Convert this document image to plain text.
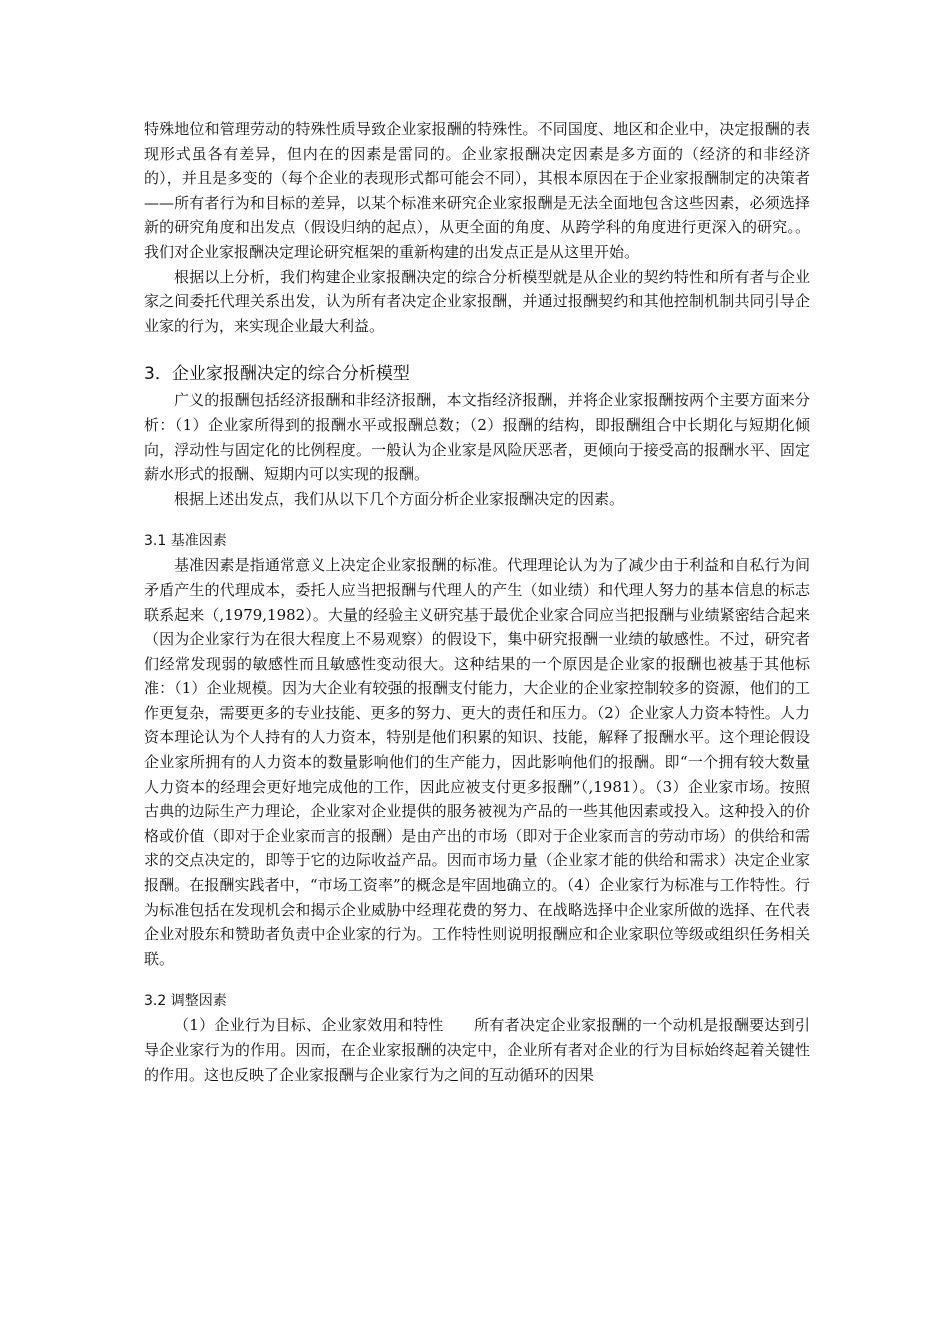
特殊地位和管理劳动的特殊性质导致企业家报酬的特殊性。不同国度、地区和企业中，决定报酬的表现形式虽各有差异，但内在的因素是雷同的。企业家报酬决定因素是多方面的（经济的和非经济的），并且是多变的（每个企业的表现形式都可能会不同），其根本原因在于企业家报酬制定的决策者——所有者行为和目标的差异，以某个标准来研究企业家报酬是无法全面地包含这些因素，必须选择新的研究角度和出发点（假设归纳的起点），从更全面的角度、从跨学科的角度进行更深入的研究。。我们对企业家报酬决定理论研究框架的重新构建的出发点正是从这里开始。

根据以上分析，我们构建企业家报酬决定的综合分析模型就是从企业的契约特性和所有者与企业家之间委托代理关系出发，认为所有者决定企业家报酬，并通过报酬契约和其他控制机制共同引导企业家的行为，来实现企业最大利益。

3．企业家报酬决定的综合分析模型

广义的报酬包括经济报酬和非经济报酬，本文指经济报酬，并将企业家报酬按两个主要方面来分析：（1）企业家所得到的报酬水平或报酬总数；（2）报酬的结构，即报酬组合中长期化与短期化倾向，浮动性与固定化的比例程度。一般认为企业家是风险厌恶者，更倾向于接受高的报酬水平、固定薪水形式的报酬、短期内可以实现的报酬。

根据上述出发点，我们从以下几个方面分析企业家报酬决定的因素。

3.1 基准因素

基准因素是指通常意义上决定企业家报酬的标准。代理理论认为为了减少由于利益和自私行为间矛盾产生的代理成本，委托人应当把报酬与代理人的产生（如业绩）和代理人努力的基本信息的标志联系起来（,1979,1982）。大量的经验主义研究基于最优企业家合同应当把报酬与业绩紧密结合起来（因为企业家行为在很大程度上不易观察）的假设下，集中研究报酬一业绩的敏感性。不过，研究者们经常发现弱的敏感性而且敏感性变动很大。这种结果的一个原因是企业家的报酬也被基于其他标准：（1）企业规模。因为大企业有较强的报酬支付能力，大企业的企业家控制较多的资源，他们的工作更复杂，需要更多的专业技能、更多的努力、更大的责任和压力。（2）企业家人力资本特性。人力资本理论认为个人持有的人力资本，特别是他们积累的知识、技能，解释了报酬水平。这个理论假设企业家所拥有的人力资本的数量影响他们的生产能力，因此影响他们的报酬。即“一个拥有较大数量人力资本的经理会更好地完成他的工作，因此应被支付更多报酬”（,1981）。（3）企业家市场。按照古典的边际生产力理论，企业家对企业提供的服务被视为产品的一些其他因素或投入。这种投入的价格或价值（即对于企业家而言的报酬）是由产出的市场（即对于企业家而言的劳动市场）的供给和需求的交点决定的，即等于它的边际收益产品。因而市场力量（企业家才能的供给和需求）决定企业家报酬。在报酬实践者中，“市场工资率”的概念是牢固地确立的。（4）企业家行为标准与工作特性。行为标准包括在发现机会和揭示企业威胁中经理花费的努力、在战略选择中企业家所做的选择、在代表企业对股东和赞助者负责中企业家的行为。工作特性则说明报酬应和企业家职位等级或组织任务相关联。

3.2 调整因素

（1）企业行为目标、企业家效用和特性　　所有者决定企业家报酬的一个动机是报酬要达到引导企业家行为的作用。因而，在企业家报酬的决定中，企业所有者对企业的行为目标始终起着关键性的作用。这也反映了企业家报酬与企业家行为之间的互动循环的因果
